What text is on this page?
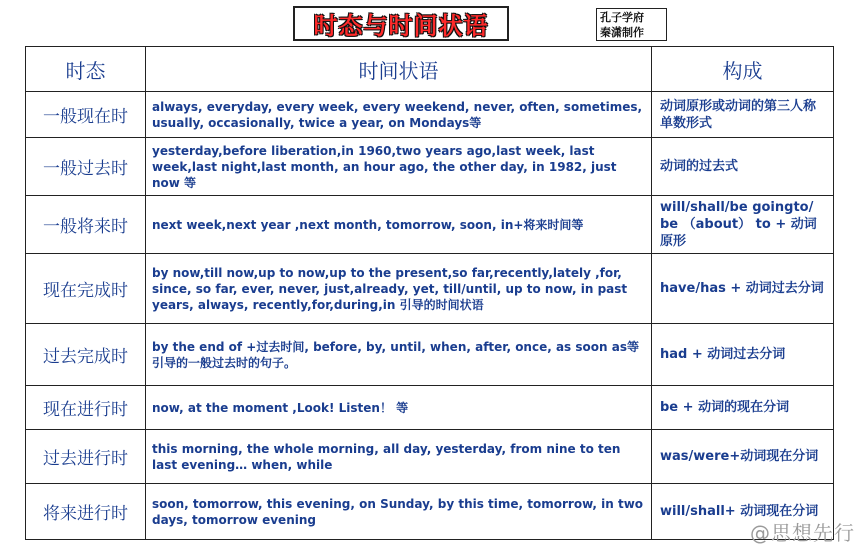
时态与时间状语	孔子学府
秦潇制作
时态	时间状语	构成
一般现在时	always, everyday, every week, every weekend, never, often, sometimes, usually, occasionally, twice a year, on Mondays等	动词原形或动词的第三人称单数形式
一般过去时	yesterday,before liberation,in 1960,two years ago,last week, last week,last night,last month, an hour ago, the other day, in 1982, just now 等	动词的过去式
一般将来时	next week,next year ,next month, tomorrow, soon, in+将来时间等	will/shall/be goingto/ be （about） to + 动词原形
现在完成时	by now,till now,up to now,up to the present,so far,recently,lately ,for, since, so far, ever, never, just,already, yet, till/until, up to now, in past years, always, recently,for,during,in 引导的时间状语	have/has + 动词过去分词
过去完成时	by the end of +过去时间, before, by, until, when, after, once, as soon as等引导的一般过去时的句子。	had + 动词过去分词
现在进行时	now, at the moment ,Look! Listen！ 等	be + 动词的现在分词
过去进行时	this morning, the whole morning, all day, yesterday, from nine to ten last evening… when, while	was/were+动词现在分词
将来进行时	soon, tomorrow, this evening, on Sunday, by this time, tomorrow, in two days, tomorrow evening	will/shall+ 动词现在分词
@思想先行
